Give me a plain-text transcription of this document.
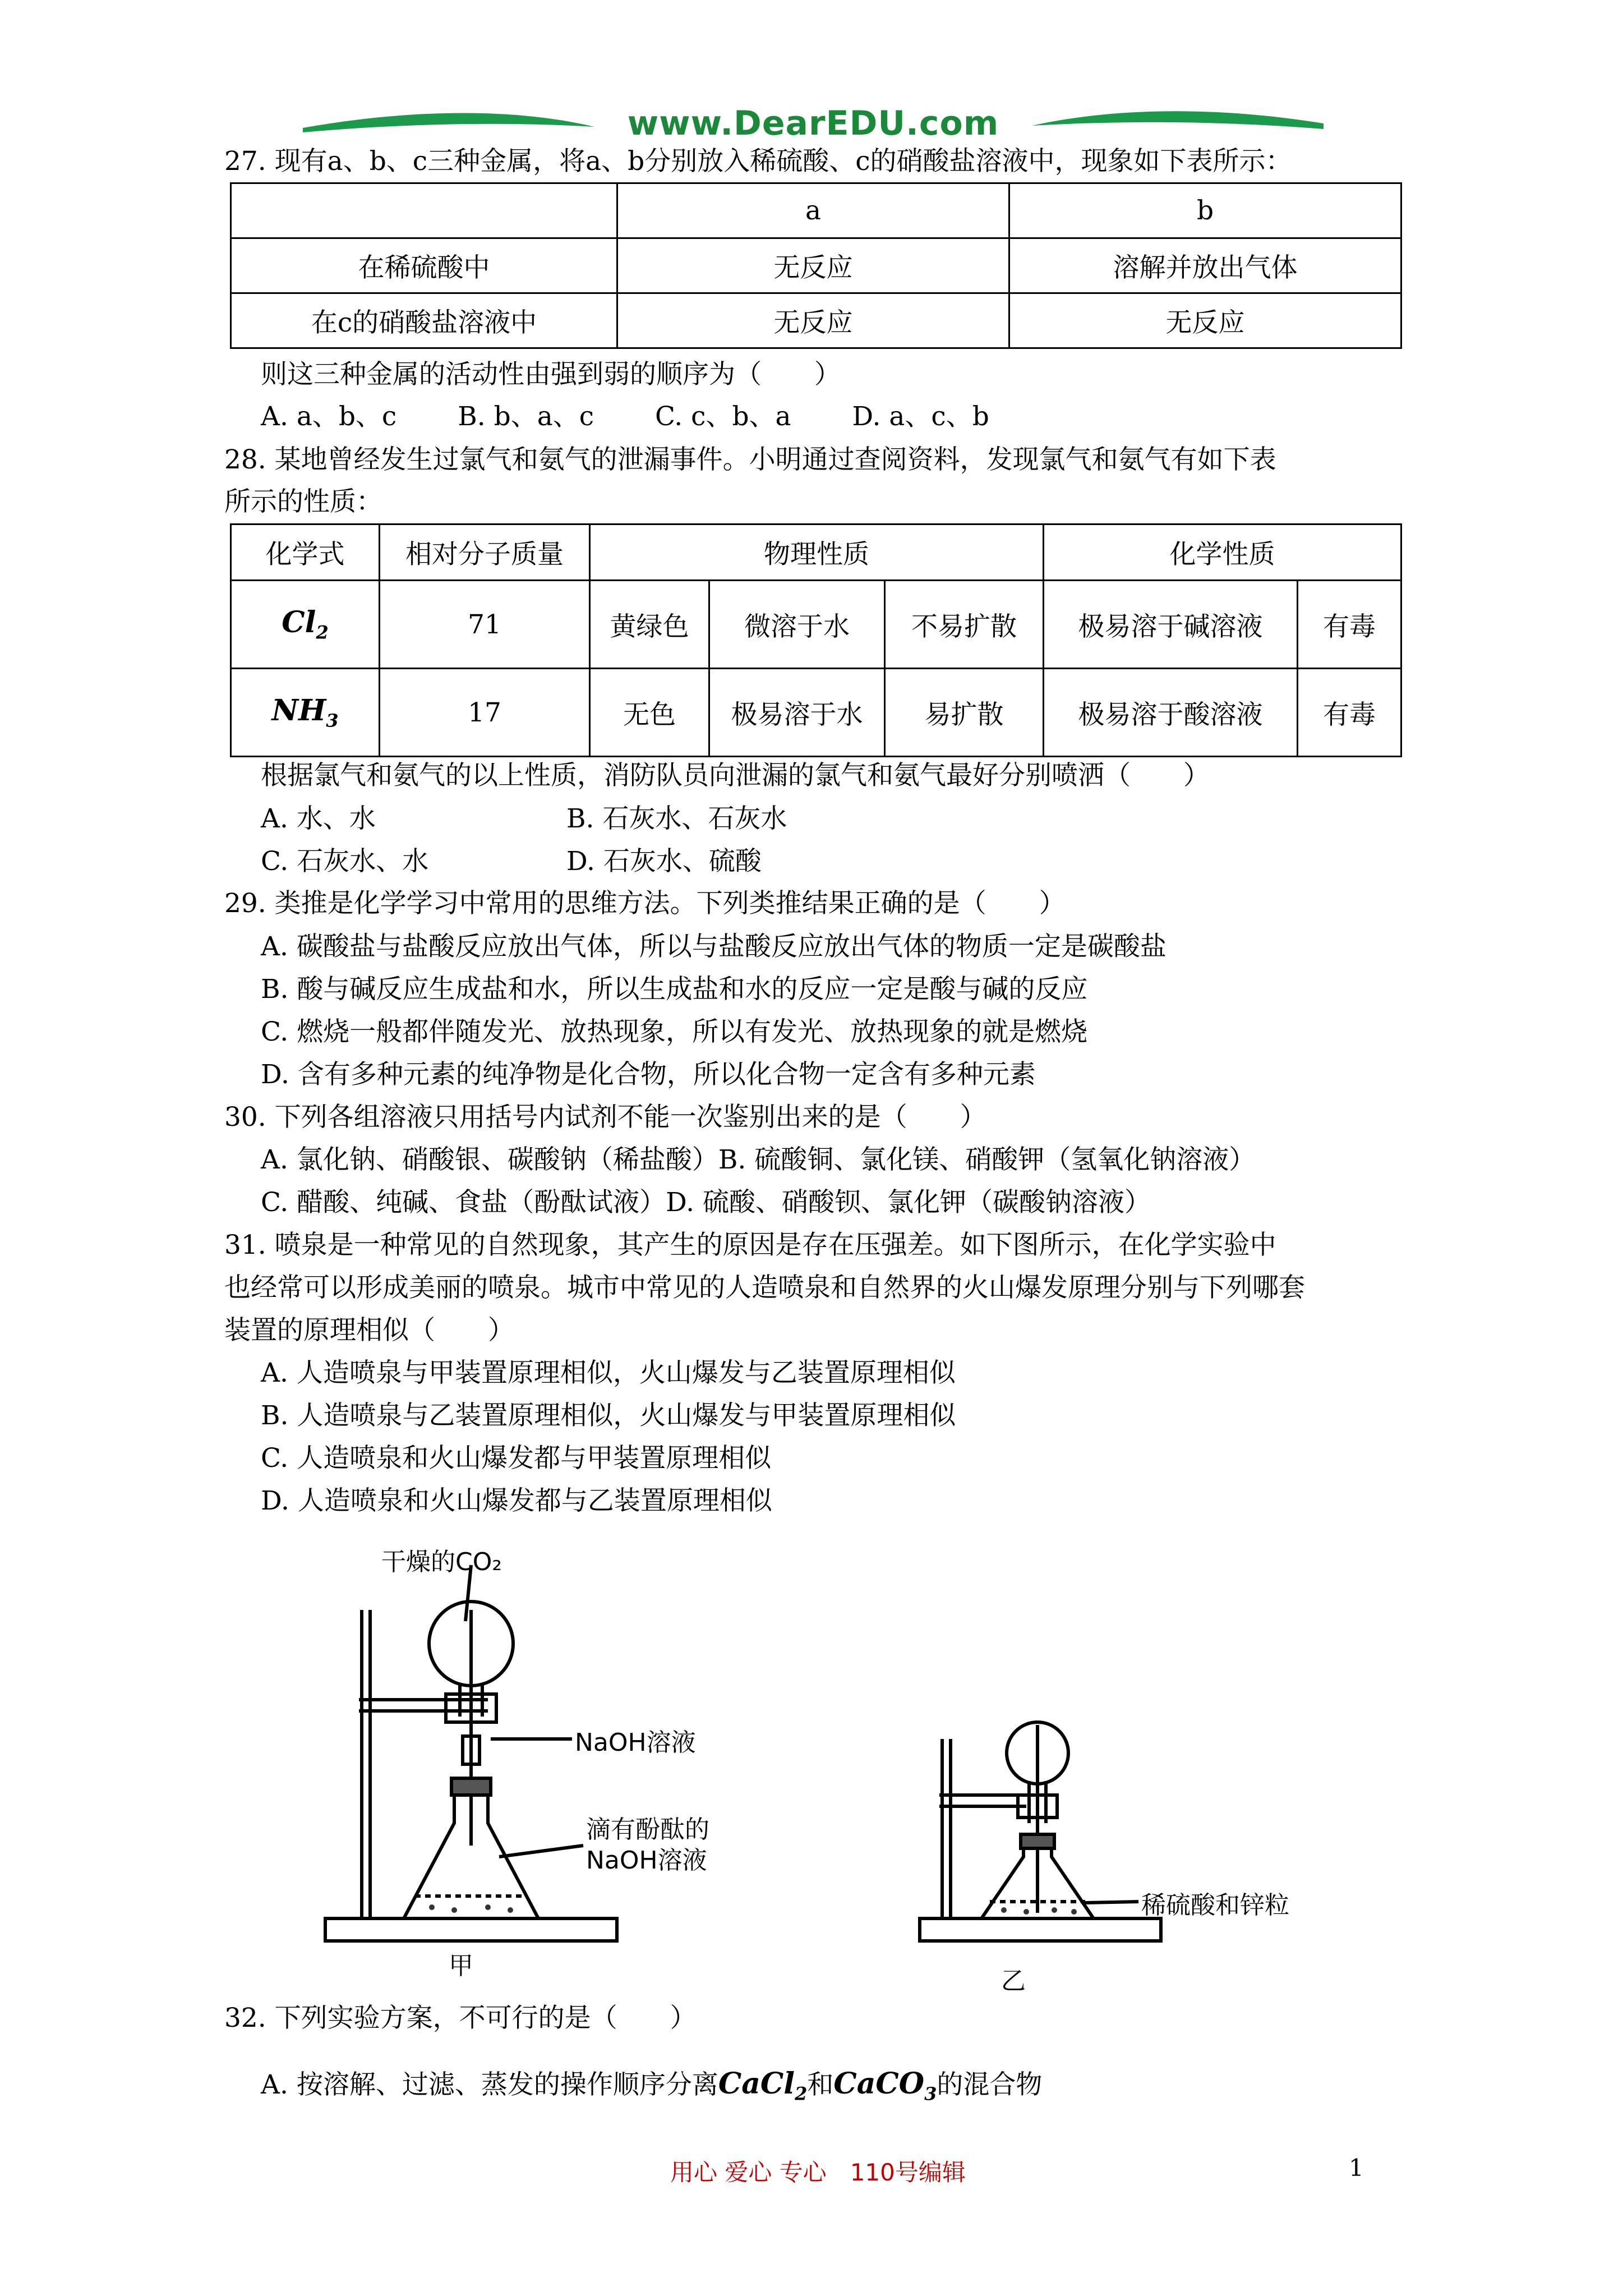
www.DearEDU.com
27. 现有a、b、c三种金属，将a、b分别放入稀硫酸、c的硝酸盐溶液中，现象如下表所示：
	a	b
在稀硫酸中	无反应	溶解并放出气体
在c的硝酸盐溶液中	无反应	无反应
则这三种金属的活动性由强到弱的顺序为（　　）
A. a、b、c　　 B. b、a、c　　 C. c、b、a　　 D. a、c、b
28. 某地曾经发生过氯气和氨气的泄漏事件。小明通过查阅资料，发现氯气和氨气有如下表
所示的性质：
化学式	相对分子质量	物理性质			化学性质	
$Cl_2$	71	黄绿色	微溶于水	不易扩散	极易溶于碱溶液	有毒
$NH_3$	17	无色	极易溶于水	易扩散	极易溶于酸溶液	有毒
根据氯气和氨气的以上性质，消防队员向泄漏的氯气和氨气最好分别喷洒（　　）
A. 水、水	B. 石灰水、石灰水
C. 石灰水、水	D. 石灰水、硫酸
29. 类推是化学学习中常用的思维方法。下列类推结果正确的是（　　）
A. 碳酸盐与盐酸反应放出气体，所以与盐酸反应放出气体的物质一定是碳酸盐
B. 酸与碱反应生成盐和水，所以生成盐和水的反应一定是酸与碱的反应
C. 燃烧一般都伴随发光、放热现象，所以有发光、放热现象的就是燃烧
D. 含有多种元素的纯净物是化合物，所以化合物一定含有多种元素
30. 下列各组溶液只用括号内试剂不能一次鉴别出来的是（　　）
A. 氯化钠、硝酸银、碳酸钠（稀盐酸）B. 硫酸铜、氯化镁、硝酸钾（氢氧化钠溶液）
C. 醋酸、纯碱、食盐（酚酞试液）D. 硫酸、硝酸钡、氯化钾（碳酸钠溶液）
31. 喷泉是一种常见的自然现象，其产生的原因是存在压强差。如下图所示，在化学实验中
也经常可以形成美丽的喷泉。城市中常见的人造喷泉和自然界的火山爆发原理分别与下列哪套
装置的原理相似（　　）
A. 人造喷泉与甲装置原理相似，火山爆发与乙装置原理相似
B. 人造喷泉与乙装置原理相似，火山爆发与甲装置原理相似
C. 人造喷泉和火山爆发都与甲装置原理相似
D. 人造喷泉和火山爆发都与乙装置原理相似
干燥的CO₂
NaOH溶液
滴有酚酞的
NaOH溶液
稀硫酸和锌粒
甲
乙
32. 下列实验方案，不可行的是（　　）
A. 按溶解、过滤、蒸发的操作顺序分离CaCl$_2$和CaCO$_3$的混合物
用心 爱心 专心　110号编辑	1
